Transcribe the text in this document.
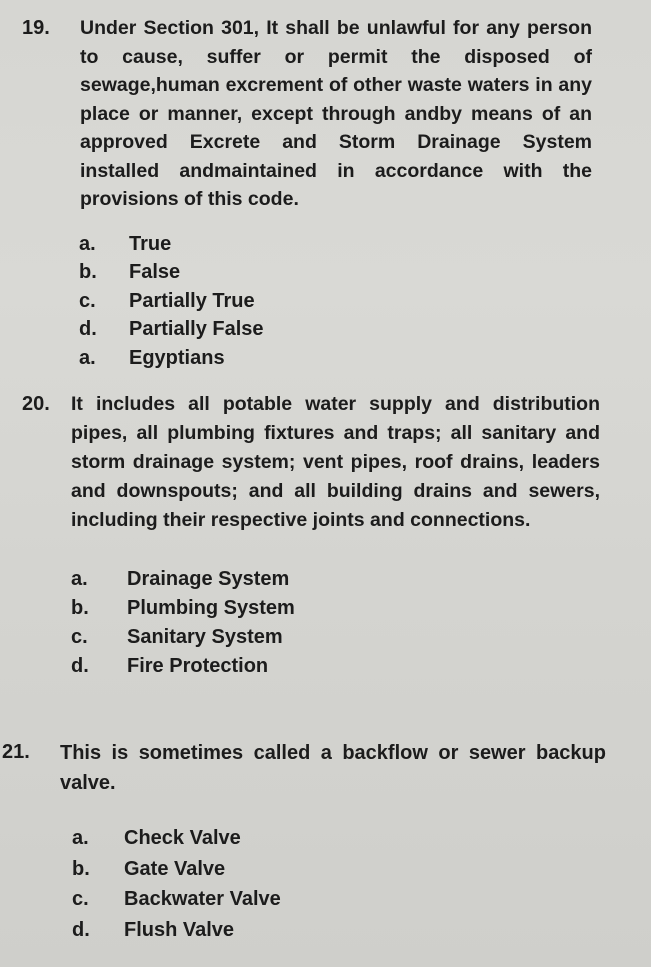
19.	Under Section 301, It shall be unlawful for any person to cause, suffer or permit the disposed of sewage,human excrement of other waste waters in any place or manner, except through andby means of an approved Excrete and Storm Drainage System installed andmaintained in accordance with the provisions of this code.
a.	True
b.	False
c.	Partially True
d.	Partially False
a.	Egyptians
20.	It includes all potable water supply and distribution pipes, all plumbing fixtures and traps; all sanitary and storm drainage system; vent pipes, roof drains, leaders and downspouts; and all building drains and sewers, including their respective joints and connections.
a.	Drainage System
b.	Plumbing System
c.	Sanitary System
d.	Fire Protection
21.	This is sometimes called a backflow or sewer backup valve.
a.	Check Valve
b.	Gate Valve
c.	Backwater Valve
d.	Flush Valve
